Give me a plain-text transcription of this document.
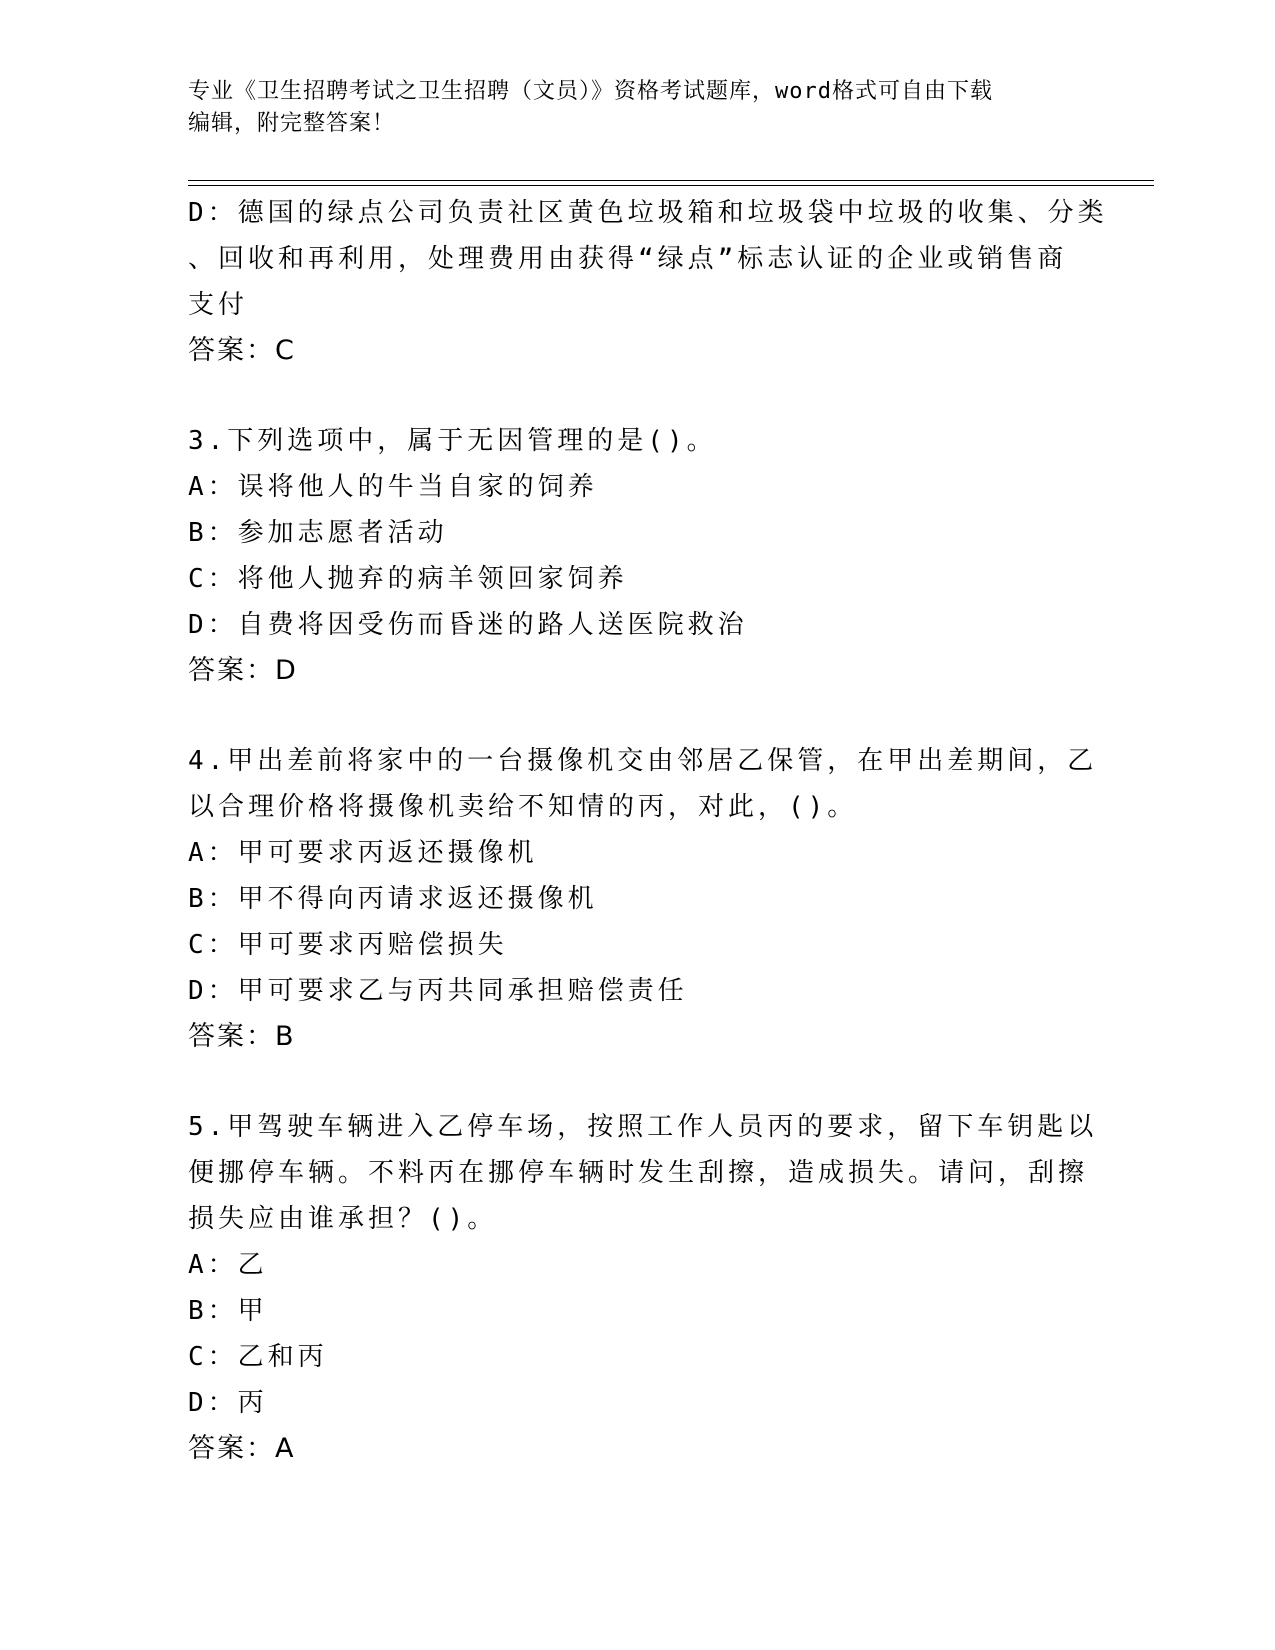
专业《卫生招聘考试之卫生招聘（文员）》资格考试题库，word格式可自由下载
编辑，附完整答案！

D：德国的绿点公司负责社区黄色垃圾箱和垃圾袋中垃圾的收集、分类

、回收和再利用，处理费用由获得“绿点”标志认证的企业或销售商

支付

答案：C

3.下列选项中，属于无因管理的是()。

A：误将他人的牛当自家的饲养

B：参加志愿者活动

C：将他人抛弃的病羊领回家饲养

D：自费将因受伤而昏迷的路人送医院救治

答案：D

4.甲出差前将家中的一台摄像机交由邻居乙保管，在甲出差期间，乙

以合理价格将摄像机卖给不知情的丙，对此，()。

A：甲可要求丙返还摄像机

B：甲不得向丙请求返还摄像机

C：甲可要求丙赔偿损失

D：甲可要求乙与丙共同承担赔偿责任

答案：B

5.甲驾驶车辆进入乙停车场，按照工作人员丙的要求，留下车钥匙以

便挪停车辆。不料丙在挪停车辆时发生刮擦，造成损失。请问，刮擦

损失应由谁承担？()。

A：乙

B：甲

C：乙和丙

D：丙

答案：A
